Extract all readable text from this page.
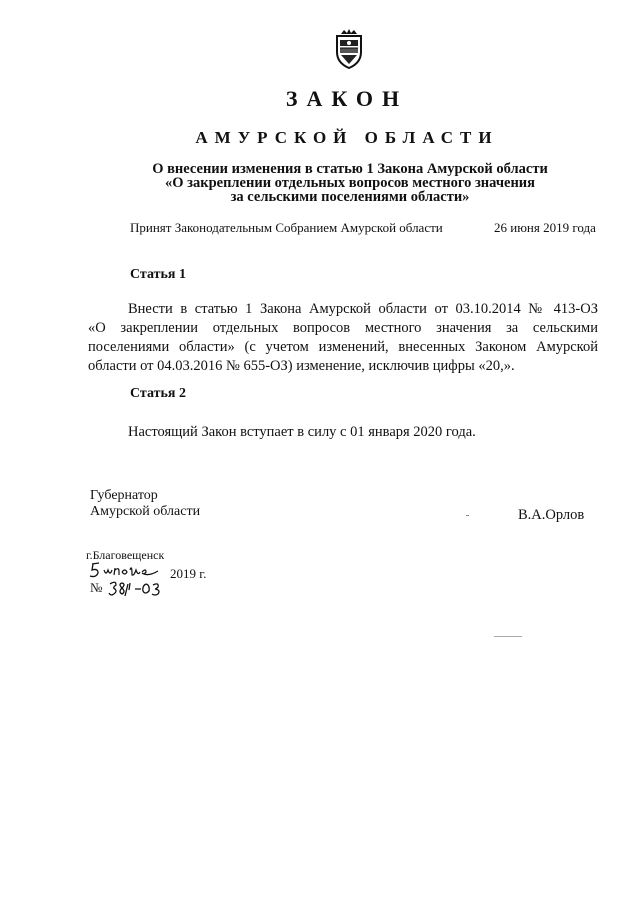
ЗАКОН
АМУРСКОЙ ОБЛАСТИ
О внесении изменения в статью 1 Закона Амурской области
«О закреплении отдельных вопросов местного значения
за сельскими поселениями области»
Принят Законодательным Собранием Амурской области	26 июня 2019 года
Статья 1
Внести в статью 1 Закона Амурской области от 03.10.2014 № 413-ОЗ
«О закреплении отдельных вопросов местного значения за сельскими
поселениями области» (с учетом изменений, внесенных Законом Амурской
области от 04.03.2016 № 655-ОЗ) изменение, исключив цифры «20,».
Статья 2
Настоящий Закон вступает в силу с 01 января 2020 года.
Губернатор
Амурской области	В.А.Орлов
г.Благовещенск
2019 г.
№
